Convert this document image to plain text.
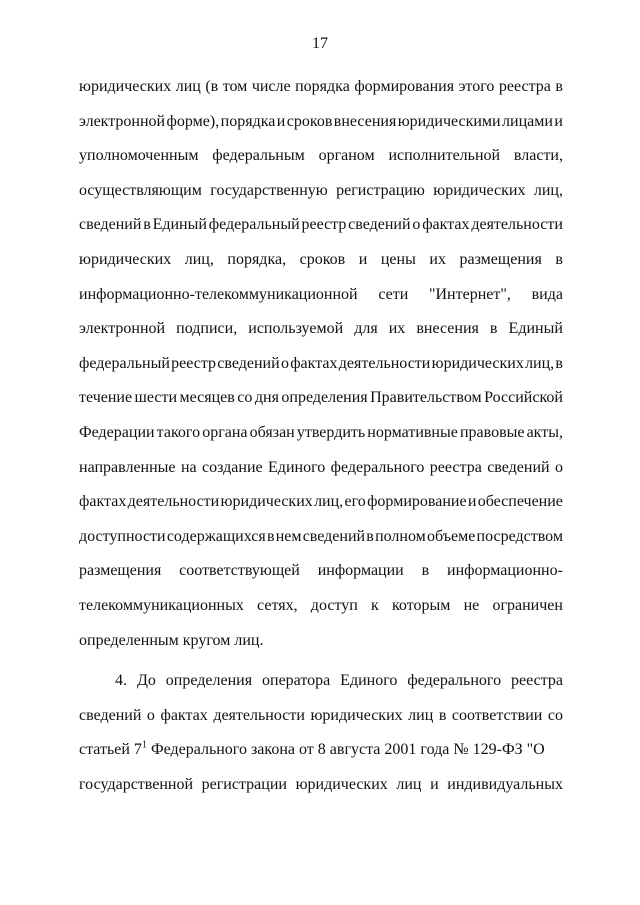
17
юридических лиц (в том числе порядка формирования этого реестра в
электронной форме), порядка и сроков внесения юридическими лицами и
уполномоченным федеральным органом исполнительной власти,
осуществляющим государственную регистрацию юридических лиц,
сведений в Единый федеральный реестр сведений о фактах деятельности
юридических лиц, порядка, сроков и цены их размещения в
информационно-телекоммуникационной сети "Интернет", вида
электронной подписи, используемой для их внесения в Единый
федеральный реестр сведений о фактах деятельности юридических лиц, в
течение шести месяцев со дня определения Правительством Российской
Федерации такого органа обязан утвердить нормативные правовые акты,
направленные на создание Единого федерального реестра сведений о
фактах деятельности юридических лиц, его формирование и обеспечение
доступности содержащихся в нем сведений в полном объеме посредством
размещения соответствующей информации в информационно-
телекоммуникационных сетях, доступ к которым не ограничен
определенным кругом лиц.
4. До определения оператора Единого федерального реестра
сведений о фактах деятельности юридических лиц в соответствии со
статьей $7^1$ Федерального закона от 8 августа 2001 года № 129-ФЗ "О
государственной регистрации юридических лиц и индивидуальных
